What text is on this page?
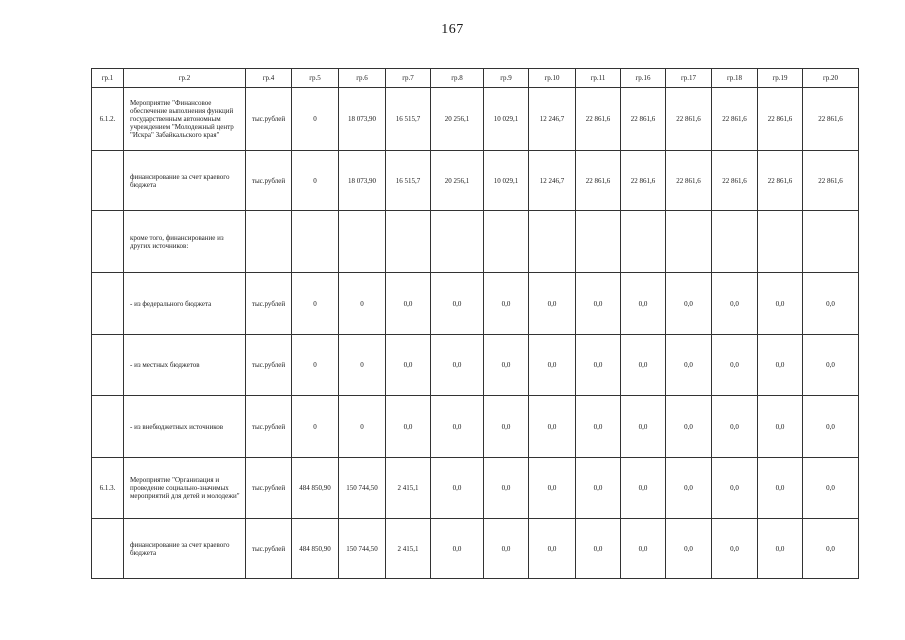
167
гр.1	гр.2	гр.4	гр.5	гр.6	гр.7	гр.8	гр.9	гр.10	гр.11	гр.16	гр.17	гр.18	гр.19	гр.20
6.1.2.	Мероприятие "Финансовое обеспечение выполнения функций государственным автономным учреждением "Молодежный центр "Искра" Забайкальского края"	тыс.рублей	0	18 073,90	16 515,7	20 256,1	10 029,1	12 246,7	22 861,6	22 861,6	22 861,6	22 861,6	22 861,6	22 861,6
	финансирование за счет краевого бюджета	тыс.рублей	0	18 073,90	16 515,7	20 256,1	10 029,1	12 246,7	22 861,6	22 861,6	22 861,6	22 861,6	22 861,6	22 861,6
	кроме того, финансирование из других источников:													
	- из федерального бюджета	тыс.рублей	0	0	0,0	0,0	0,0	0,0	0,0	0,0	0,0	0,0	0,0	0,0
	- из местных бюджетов	тыс.рублей	0	0	0,0	0,0	0,0	0,0	0,0	0,0	0,0	0,0	0,0	0,0
	- из внебюджетных источников	тыс.рублей	0	0	0,0	0,0	0,0	0,0	0,0	0,0	0,0	0,0	0,0	0,0
6.1.3.	Мероприятие "Организация и проведение социально-значимых мероприятий для детей и молодежи"	тыс.рублей	484 850,90	150 744,50	2 415,1	0,0	0,0	0,0	0,0	0,0	0,0	0,0	0,0	0,0
	финансирование за счет краевого бюджета	тыс.рублей	484 850,90	150 744,50	2 415,1	0,0	0,0	0,0	0,0	0,0	0,0	0,0	0,0	0,0
